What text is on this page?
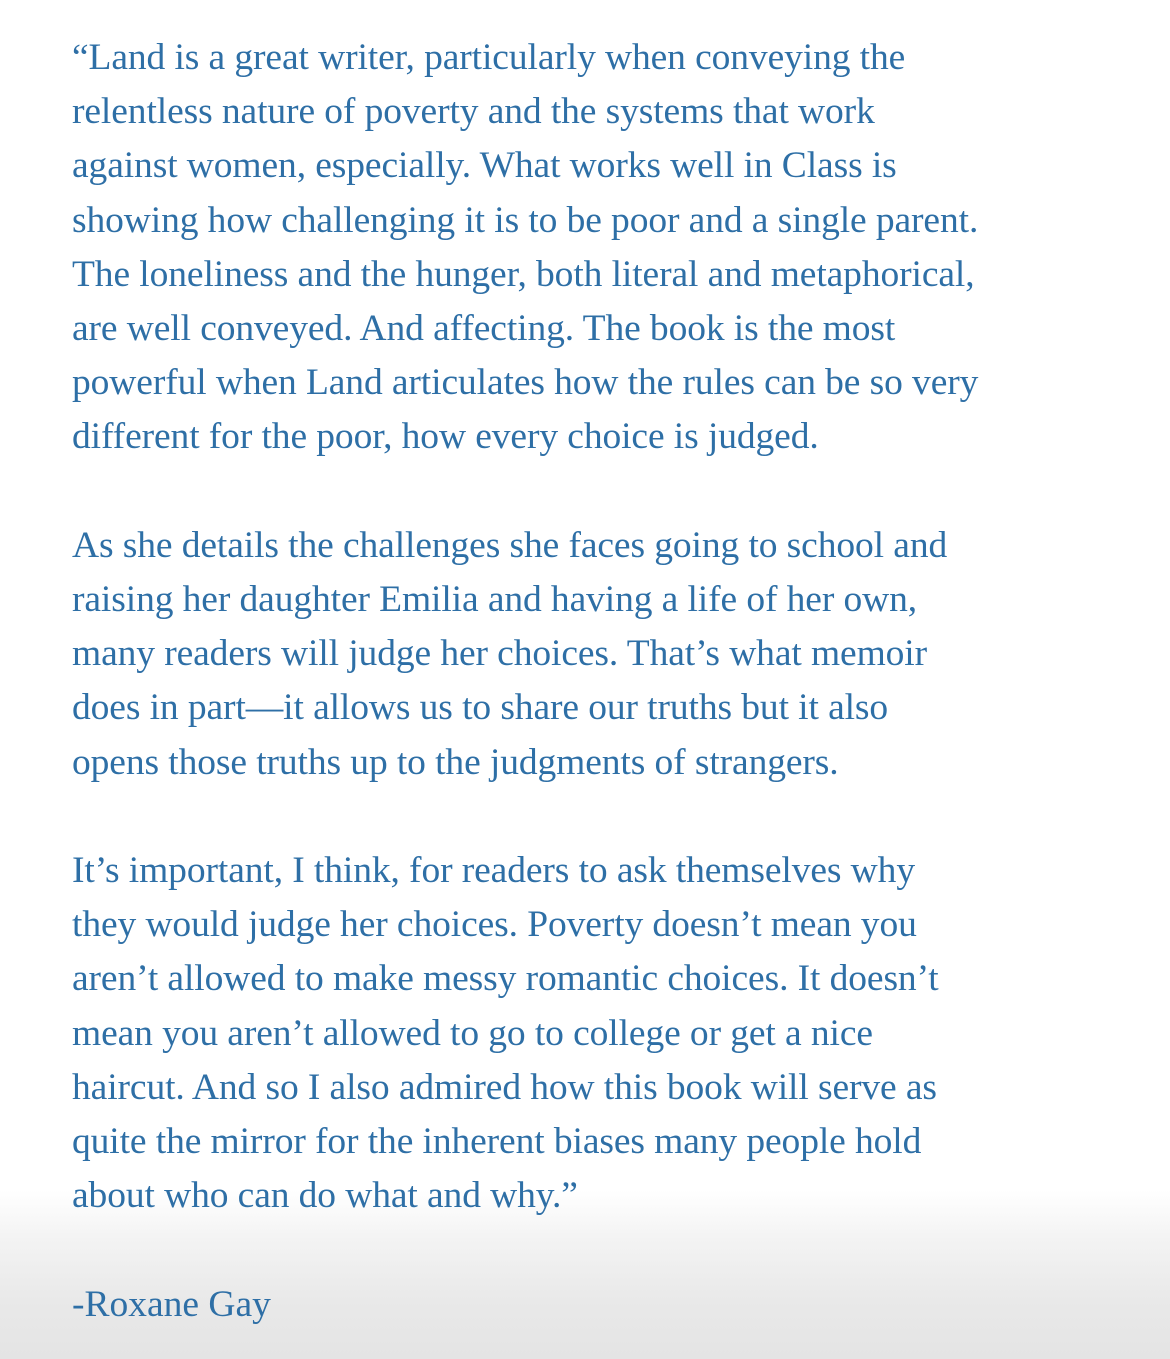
“Land is a great writer, particularly when conveying the
relentless nature of poverty and the systems that work
against women, especially. What works well in Class is
showing how challenging it is to be poor and a single parent.
The loneliness and the hunger, both literal and metaphorical,
are well conveyed. And affecting. The book is the most
powerful when Land articulates how the rules can be so very
different for the poor, how every choice is judged.

As she details the challenges she faces going to school and
raising her daughter Emilia and having a life of her own,
many readers will judge her choices. That’s what memoir
does in part—it allows us to share our truths but it also
opens those truths up to the judgments of strangers.

It’s important, I think, for readers to ask themselves why
they would judge her choices. Poverty doesn’t mean you
aren’t allowed to make messy romantic choices. It doesn’t
mean you aren’t allowed to go to college or get a nice
haircut. And so I also admired how this book will serve as
quite the mirror for the inherent biases many people hold
about who can do what and why.”

-Roxane Gay
